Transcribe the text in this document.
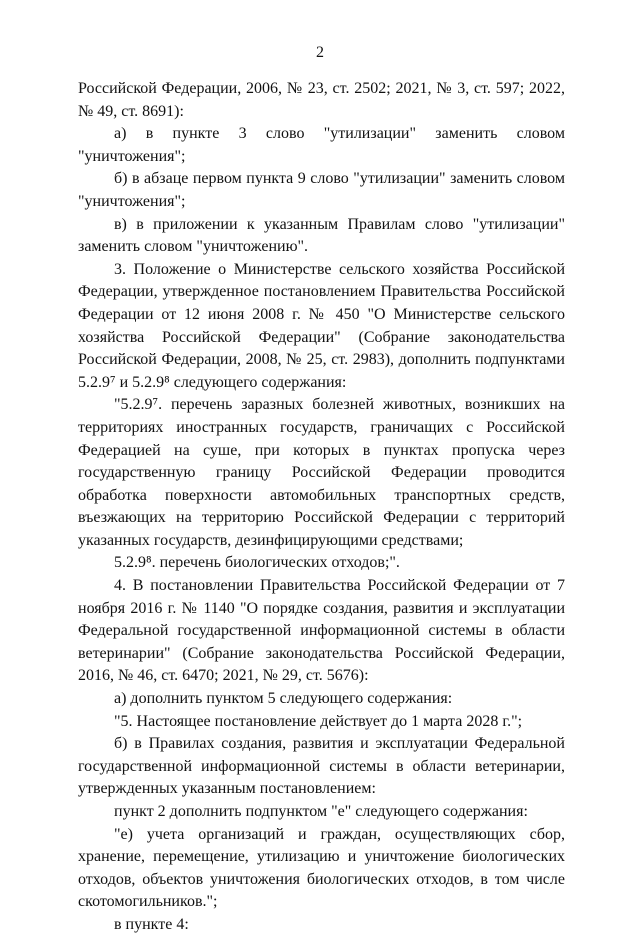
2

Российской Федерации, 2006, № 23, ст. 2502; 2021, № 3, ст. 597; 2022, № 49, ст. 8691):

а) в пункте 3 слово "утилизации" заменить словом "уничтожения";

б) в абзаце первом пункта 9 слово "утилизации" заменить словом "уничтожения";

в) в приложении к указанным Правилам слово "утилизации" заменить словом "уничтожению".

3. Положение о Министерстве сельского хозяйства Российской Федерации, утвержденное постановлением Правительства Российской Федерации от 12 июня 2008 г. № 450 "О Министерстве сельского хозяйства Российской Федерации" (Собрание законодательства Российской Федерации, 2008, № 25, ст. 2983), дополнить подпунктами 5.2.9⁷ и 5.2.9⁸ следующего содержания:

"5.2.9⁷. перечень заразных болезней животных, возникших на территориях иностранных государств, граничащих с Российской Федерацией на суше, при которых в пунктах пропуска через государственную границу Российской Федерации проводится обработка поверхности автомобильных транспортных средств, въезжающих на территорию Российской Федерации с территорий указанных государств, дезинфицирующими средствами;

5.2.9⁸. перечень биологических отходов;".

4. В постановлении Правительства Российской Федерации от 7 ноября 2016 г. № 1140 "О порядке создания, развития и эксплуатации Федеральной государственной информационной системы в области ветеринарии" (Собрание законодательства Российской Федерации, 2016, № 46, ст. 6470; 2021, № 29, ст. 5676):

а) дополнить пунктом 5 следующего содержания:

"5. Настоящее постановление действует до 1 марта 2028 г.";

б) в Правилах создания, развития и эксплуатации Федеральной государственной информационной системы в области ветеринарии, утвержденных указанным постановлением:

пункт 2 дополнить подпунктом "е" следующего содержания:

"е) учета организаций и граждан, осуществляющих сбор, хранение, перемещение, утилизацию и уничтожение биологических отходов, объектов уничтожения биологических отходов, в том числе скотомогильников.";

в пункте 4:
